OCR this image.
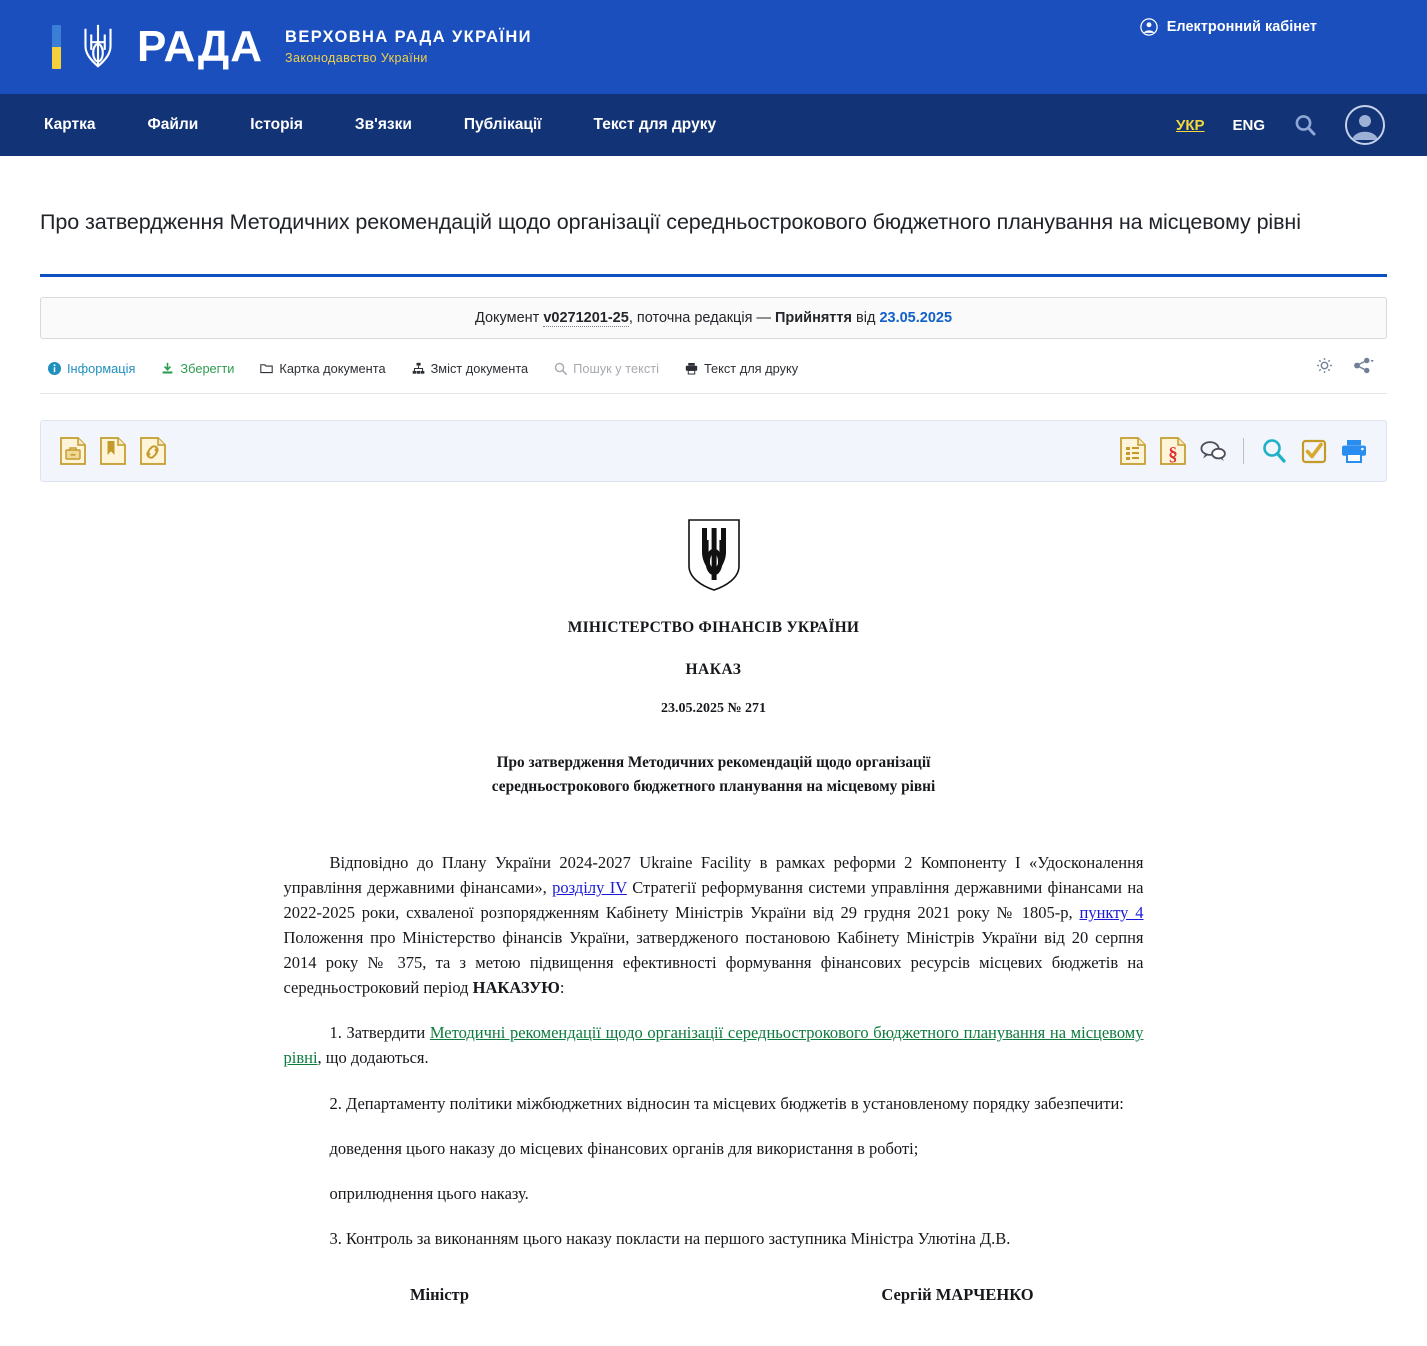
РАДА ВЕРХОВНА РАДА УКРАЇНИ
Законодавство України
Електронний кабінет
Картка	Файли	Історія	Зв'язки	Публікації	Текст для друку	УКР ENG
Про затвердження Методичних рекомендацій щодо організації середньострокового бюджетного планування на місцевому рівні
Документ v0271201-25, поточна редакція — Прийняття від 23.05.2025
Інформація	Зберегти	Картка документа	Зміст документа	Пошук у тексті	Текст для друку
§
МІНІСТЕРСТВО ФІНАНСІВ УКРАЇНИ
НАКАЗ
23.05.2025 № 271
Про затвердження Методичних рекомендацій щодо організації середньострокового бюджетного планування на місцевому рівні

Відповідно до Плану України 2024-2027 Ukraine Facility в рамках реформи 2 Компоненту I «Удосконалення управління державними фінансами», розділу IV Стратегії реформування системи управління державними фінансами на 2022-2025 роки, схваленої розпорядженням Кабінету Міністрів України від 29 грудня 2021 року № 1805-р, пункту 4 Положення про Міністерство фінансів України, затвердженого постановою Кабінету Міністрів України від 20 серпня 2014 року № 375, та з метою підвищення ефективності формування фінансових ресурсів місцевих бюджетів на середньостроковий період НАКАЗУЮ:

1. Затвердити Методичні рекомендації щодо організації середньострокового бюджетного планування на місцевому рівні, що додаються.

2. Департаменту політики міжбюджетних відносин та місцевих бюджетів в установленому порядку забезпечити:

доведення цього наказу до місцевих фінансових органів для використання в роботі;

оприлюднення цього наказу.

3. Контроль за виконанням цього наказу покласти на першого заступника Міністра Улютіна Д.В.

Міністр	Сергій МАРЧЕНКО
